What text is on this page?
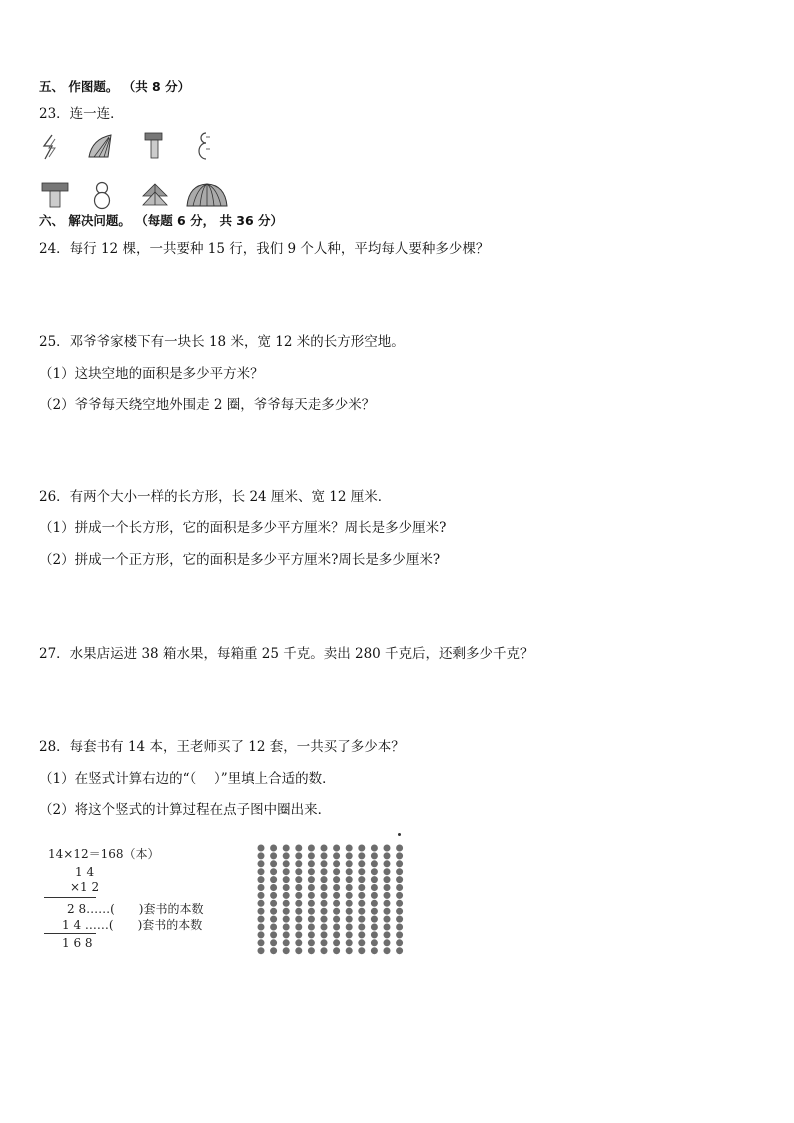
五、 作图题。 （共 8 分）
23．连一连．
六、 解决问题。 （每题 6 分， 共 36 分）
24．每行 12 棵，一共要种 15 行，我们 9 个人种，平均每人要种多少棵？
25．邓爷爷家楼下有一块长 18 米，宽 12 米的长方形空地。
（1）这块空地的面积是多少平方米？
（2）爷爷每天绕空地外围走 2 圈，爷爷每天走多少米？
26．有两个大小一样的长方形，长 24 厘米、宽 12 厘米．
（1）拼成一个长方形，它的面积是多少平方厘米？周长是多少厘米?
（2）拼成一个正方形，它的面积是多少平方厘米?周长是多少厘米?
27．水果店运进 38 箱水果，每箱重 25 千克。卖出 280 千克后，还剩多少千克？
28．每套书有 14 本，王老师买了 12 套，一共买了多少本？
（1）在竖式计算右边的“（　 ）”里填上合适的数．
（2）将这个竖式的计算过程在点子图中圈出来．
14×12＝168（本）
1 4
×1 2
2 8……(　　)套书的本数
1 4 ……(　　)套书的本数
1 6 8
